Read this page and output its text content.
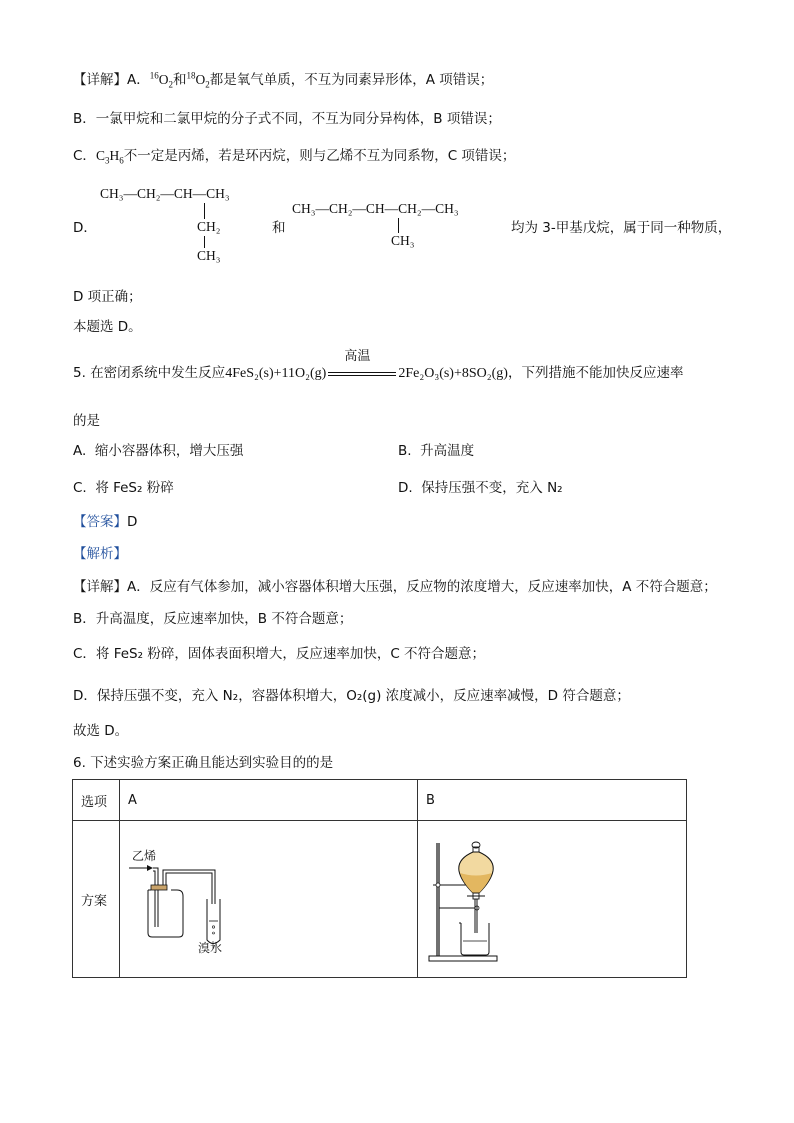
【详解】A．$^{16}O_2$和$^{18}O_2$都是氧气单质，不互为同素异形体，A 项错误；
B．一氯甲烷和二氯甲烷的分子式不同，不互为同分异构体，B 项错误；
C．$C_3H_6$不一定是丙烯，若是环丙烷，则与乙烯不互为同系物，C 项错误；
D．
CH₃—CH₂—CH—CH₃
CH₂
CH₃
和
CH₃—CH₂—CH—CH₂—CH₃
CH₃
均为 3-甲基戊烷，属于同一种物质，
D 项正确；
本题选 D。
5. 在密闭系统中发生反应4FeS₂(s)+11O₂(g)
高温
2Fe₂O₃(s)+8SO₂(g)，下列措施不能加快反应速率
的是
A. 缩小容器体积，增大压强	B. 升高温度
C. 将 FeS₂ 粉碎	D. 保持压强不变，充入 N₂
【答案】D
【解析】
【详解】A．反应有气体参加，减小容器体积增大压强，反应物的浓度增大，反应速率加快，A 不符合题意；
B．升高温度，反应速率加快，B 不符合题意；
C．将 FeS₂ 粉碎，固体表面积增大，反应速率加快，C 不符合题意；
D．保持压强不变，充入 N₂，容器体积增大，O₂(g) 浓度减小，反应速率减慢，D 符合题意；
故选 D。
6. 下述实验方案正确且能达到实验目的的是
选项	A	B
方案	乙烯
溴水
